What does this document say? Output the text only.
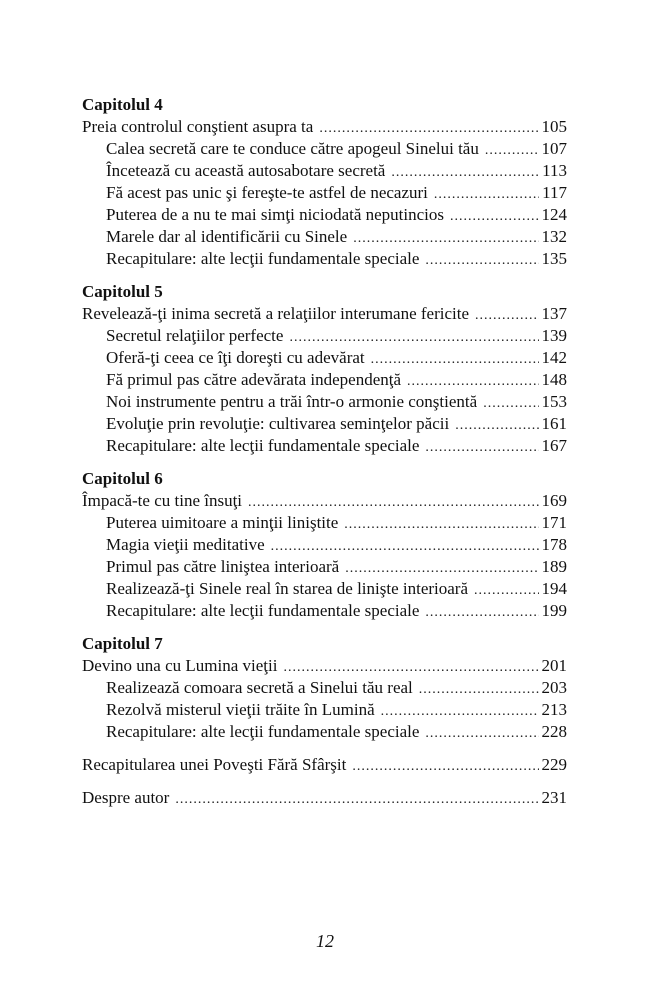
Capitolul 4
Preia controlul conştient asupra ta .....	105
Calea secretă care te conduce către apogeul Sinelui tău .....	107
Încetează cu această autosabotare secretă .....	113
Fă acest pas unic şi fereşte-te astfel de necazuri .....	117
Puterea de a nu te mai simţi niciodată neputincios .....	124
Marele dar al identificării cu Sinele .....	132
Recapitulare: alte lecţii fundamentale speciale .....	135
Capitolul 5
Revelează-ţi inima secretă a relaţiilor interumane fericite .....	137
Secretul relaţiilor perfecte .....	139
Oferă-ţi ceea ce îţi doreşti cu adevărat .....	142
Fă primul pas către adevărata independenţă .....	148
Noi instrumente pentru a trăi într-o armonie conştientă .....	153
Evoluţie prin revoluţie: cultivarea seminţelor păcii .....	161
Recapitulare: alte lecţii fundamentale speciale .....	167
Capitolul 6
Împacă-te cu tine însuţi .....	169
Puterea uimitoare a minţii liniştite .....	171
Magia vieţii meditative .....	178
Primul pas către liniştea interioară .....	189
Realizează-ţi Sinele real în starea de linişte interioară .....	194
Recapitulare: alte lecţii fundamentale speciale .....	199
Capitolul 7
Devino una cu Lumina vieţii .....	201
Realizează comoara secretă a Sinelui tău real .....	203
Rezolvă misterul vieţii trăite în Lumină .....	213
Recapitulare: alte lecţii fundamentale speciale .....	228
Recapitularea unei Poveşti Fără Sfârşit .....	229
Despre autor .....	231
12
